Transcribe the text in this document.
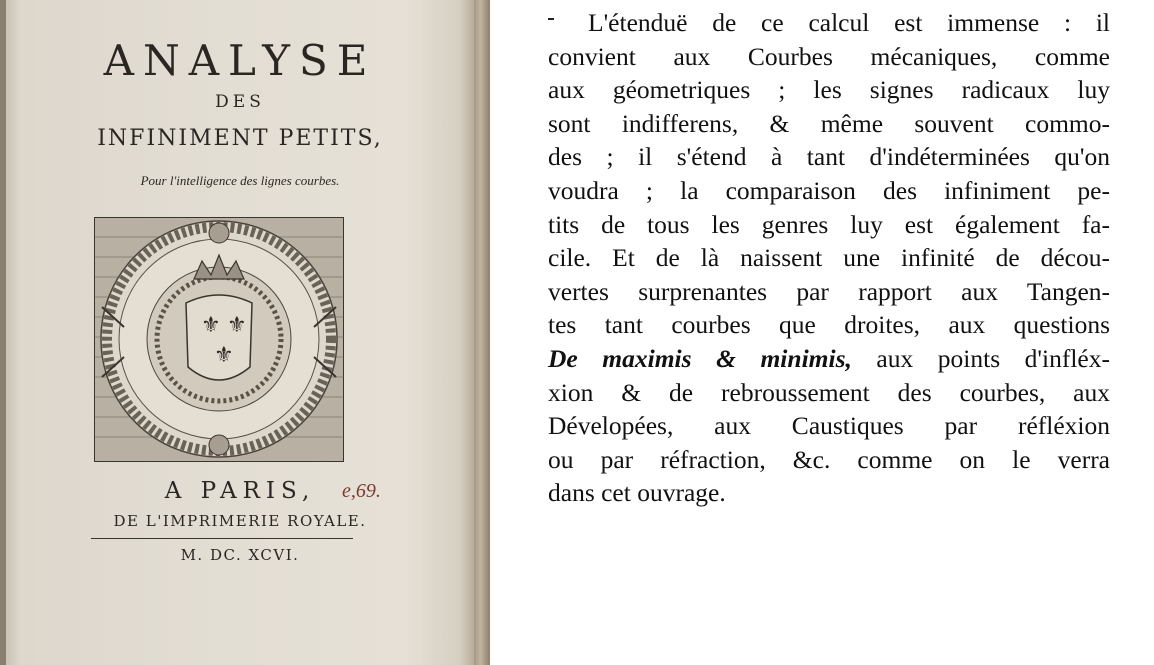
ANALYSE
DES
INFINIMENT PETITS,
Pour l'intelligence des lignes courbes.
⚜ ⚜
⚜
A PARIS,	e,69.
DE L'IMPRIMERIE ROYALE.
M. DC. XCVI.
L'étenduë de ce calcul est immense : il
convient aux Courbes mécaniques, comme
aux géometriques ; les signes radicaux luy
sont indifferens, & même souvent commo-
des ; il s'étend à tant d'indéterminées qu'on
voudra ; la comparaison des infiniment pe-
tits de tous les genres luy est également fa-
cile. Et de là naissent une infinité de décou-
vertes surprenantes par rapport aux Tangen-
tes tant courbes que droites, aux questions
De maximis & minimis, aux points d'infléx-
xion & de rebroussement des courbes, aux
Dévelopées, aux Caustiques par réfléxion
ou par réfraction, &c. comme on le verra
dans cet ouvrage.
